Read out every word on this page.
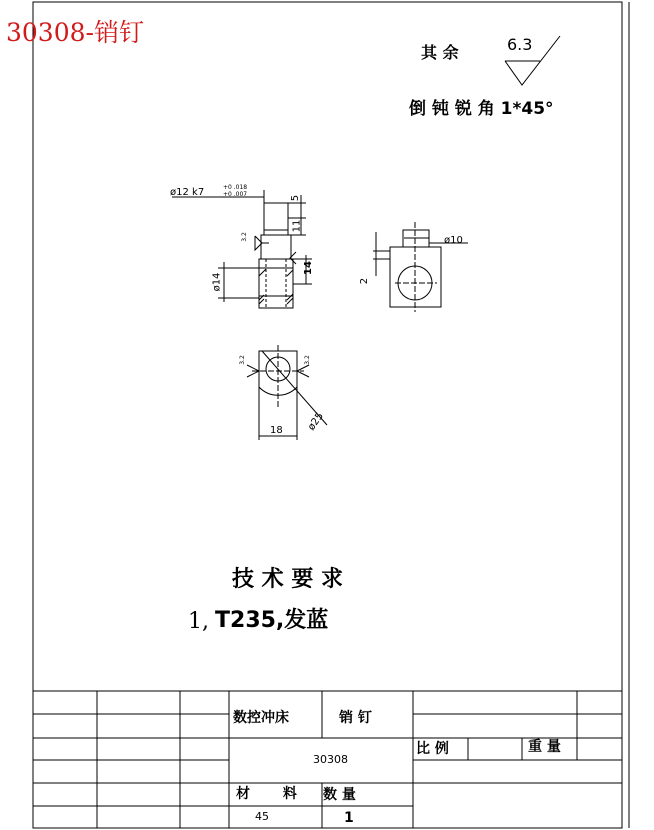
30308-销钉
其 余	6.3
倒 钝 锐 角 1*45°
ø12 k7	+0 .018
+0 .007	5
11
14
ø14
3.2	ø10
2
3.2	3.2
18 ø25
技 术 要 求
1, T235,发蓝
数控冲床	销 钉
30308
比 例	重 量
材 料 数 量
45	1
